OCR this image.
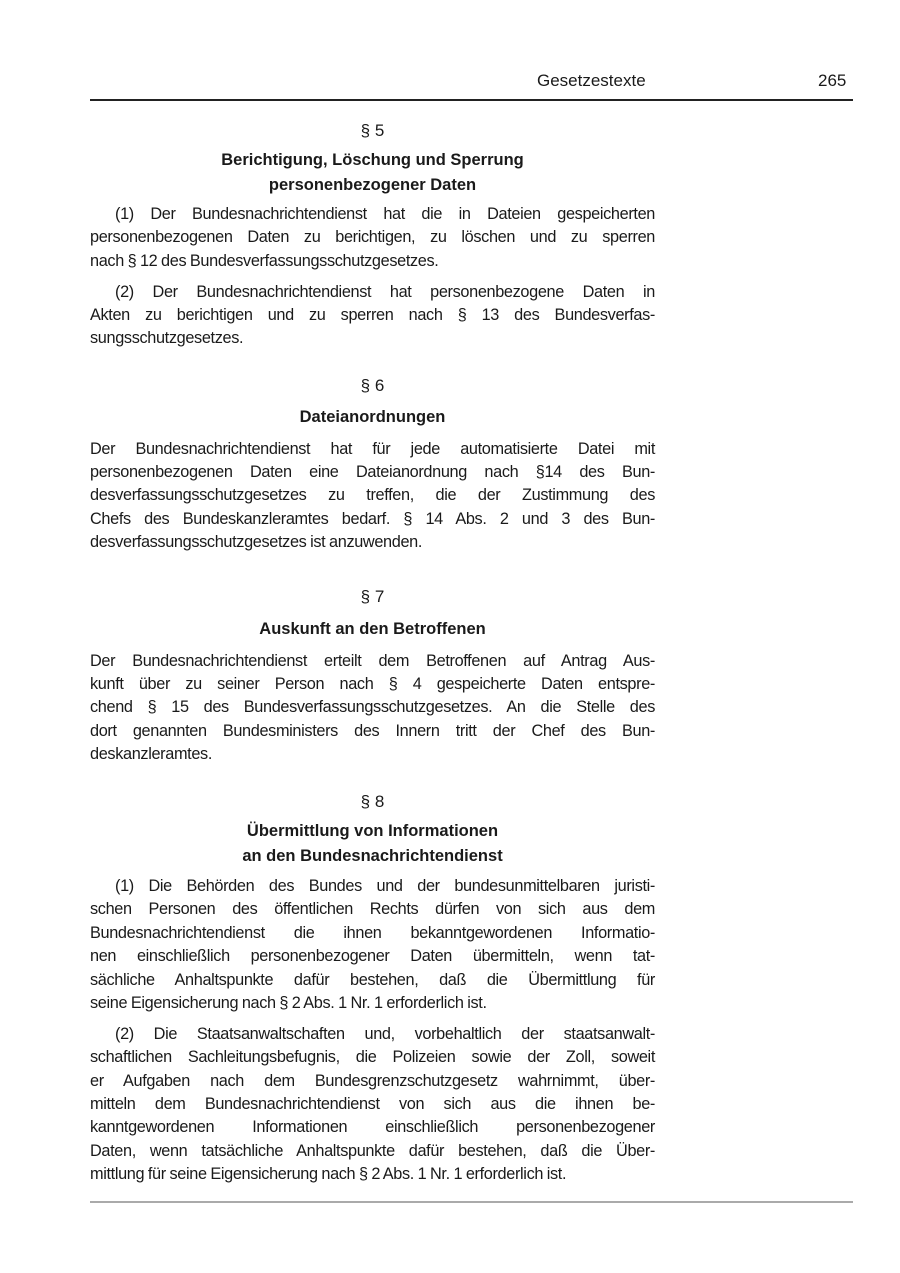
Gesetzestexte	265
§ 5
Berichtigung, Löschung und Sperrung
personenbezogener Daten
(1) Der Bundesnachrichtendienst hat die in Dateien gespeicherten
personenbezogenen Daten zu berichtigen, zu löschen und zu sperren
nach § 12 des Bundesverfassungsschutzgesetzes.
(2) Der Bundesnachrichtendienst hat personenbezogene Daten in
Akten zu berichtigen und zu sperren nach § 13 des Bundesverfas-
sungsschutzgesetzes.
§ 6
Dateianordnungen
Der Bundesnachrichtendienst hat für jede automatisierte Datei mit
personenbezogenen Daten eine Dateianordnung nach §14 des Bun-
desverfassungsschutzgesetzes zu treffen, die der Zustimmung des
Chefs des Bundeskanzleramtes bedarf. § 14 Abs. 2 und 3 des Bun-
desverfassungsschutzgesetzes ist anzuwenden.
§ 7
Auskunft an den Betroffenen
Der Bundesnachrichtendienst erteilt dem Betroffenen auf Antrag Aus-
kunft über zu seiner Person nach § 4 gespeicherte Daten entspre-
chend § 15 des Bundesverfassungsschutzgesetzes. An die Stelle des
dort genannten Bundesministers des Innern tritt der Chef des Bun-
deskanzleramtes.
§ 8
Übermittlung von Informationen
an den Bundesnachrichtendienst
(1) Die Behörden des Bundes und der bundesunmittelbaren juristi-
schen Personen des öffentlichen Rechts dürfen von sich aus dem
Bundesnachrichtendienst die ihnen bekanntgewordenen Informatio-
nen einschließlich personenbezogener Daten übermitteln, wenn tat-
sächliche Anhaltspunkte dafür bestehen, daß die Übermittlung für
seine Eigensicherung nach § 2 Abs. 1 Nr. 1 erforderlich ist.
(2) Die Staatsanwaltschaften und, vorbehaltlich der staatsanwalt-
schaftlichen Sachleitungsbefugnis, die Polizeien sowie der Zoll, soweit
er Aufgaben nach dem Bundesgrenzschutzgesetz wahrnimmt, über-
mitteln dem Bundesnachrichtendienst von sich aus die ihnen be-
kanntgewordenen Informationen einschließlich personenbezogener
Daten, wenn tatsächliche Anhaltspunkte dafür bestehen, daß die Über-
mittlung für seine Eigensicherung nach § 2 Abs. 1 Nr. 1 erforderlich ist.
